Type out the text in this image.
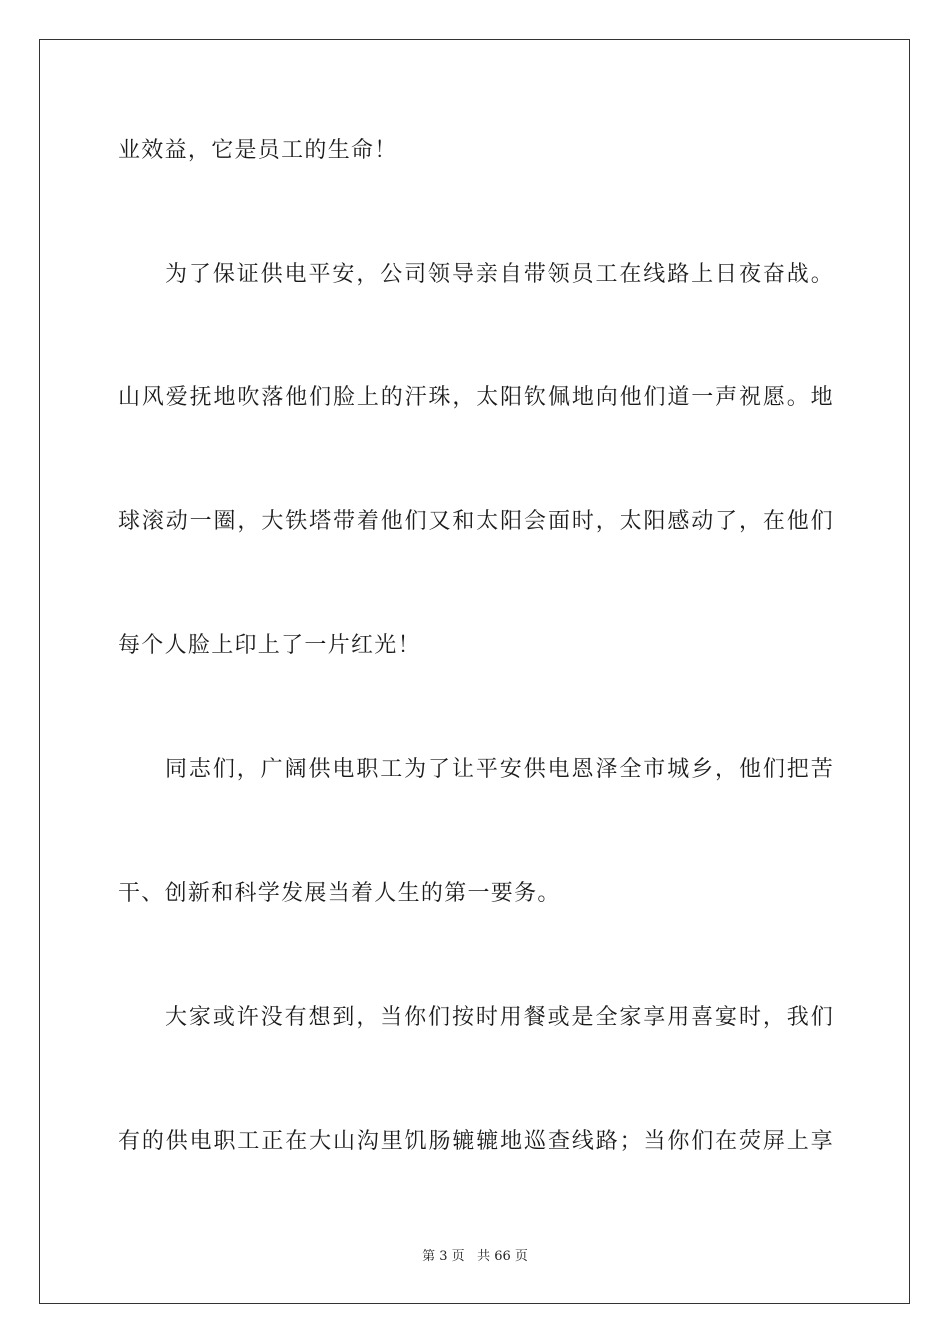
业效益，它是员工的生命！
为了保证供电平安，公司领导亲自带领员工在线路上日夜奋战。
山风爱抚地吹落他们脸上的汗珠，太阳钦佩地向他们道一声祝愿。地
球滚动一圈，大铁塔带着他们又和太阳会面时，太阳感动了，在他们
每个人脸上印上了一片红光！
同志们，广阔供电职工为了让平安供电恩泽全市城乡，他们把苦
干、创新和科学发展当着人生的第一要务。
大家或许没有想到，当你们按时用餐或是全家享用喜宴时，我们
有的供电职工正在大山沟里饥肠辘辘地巡查线路；当你们在荧屏上享
第 3 页 共 66 页
